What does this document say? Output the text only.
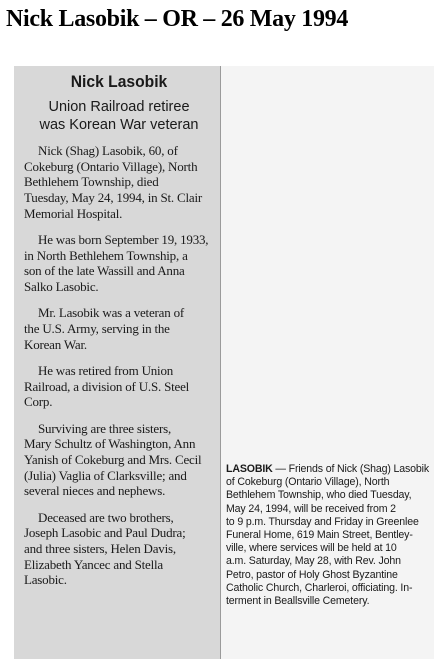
Nick Lasobik – OR – 26 May 1994
Nick Lasobik
Union Railroad retiree
was Korean War veteran

Nick (Shag) Lasobik, 60, of
Cokeburg (Ontario Village), North
Bethlehem Township, died
Tuesday, May 24, 1994, in St. Clair
Memorial Hospital.

He was born September 19, 1933,
in North Bethlehem Township, a
son of the late Wassill and Anna
Salko Lasobic.

Mr. Lasobik was a veteran of
the U.S. Army, serving in the
Korean War.

He was retired from Union
Railroad, a division of U.S. Steel
Corp.

Surviving are three sisters,
Mary Schultz of Washington, Ann
Yanish of Cokeburg and Mrs. Cecil
(Julia) Vaglia of Clarksville; and
several nieces and nephews.

Deceased are two brothers,
Joseph Lasobic and Paul Dudra;
and three sisters, Helen Davis,
Elizabeth Yancec and Stella
Lasobic.

LASOBIK — Friends of Nick (Shag) Lasobik
of Cokeburg (Ontario Village), North
Bethlehem Township, who died Tuesday,
May 24, 1994, will be received from 2
to 9 p.m. Thursday and Friday in Greenlee
Funeral Home, 619 Main Street, Bentley-
ville, where services will be held at 10
a.m. Saturday, May 28, with Rev. John
Petro, pastor of Holy Ghost Byzantine
Catholic Church, Charleroi, officiating. In-
terment in Beallsville Cemetery.
